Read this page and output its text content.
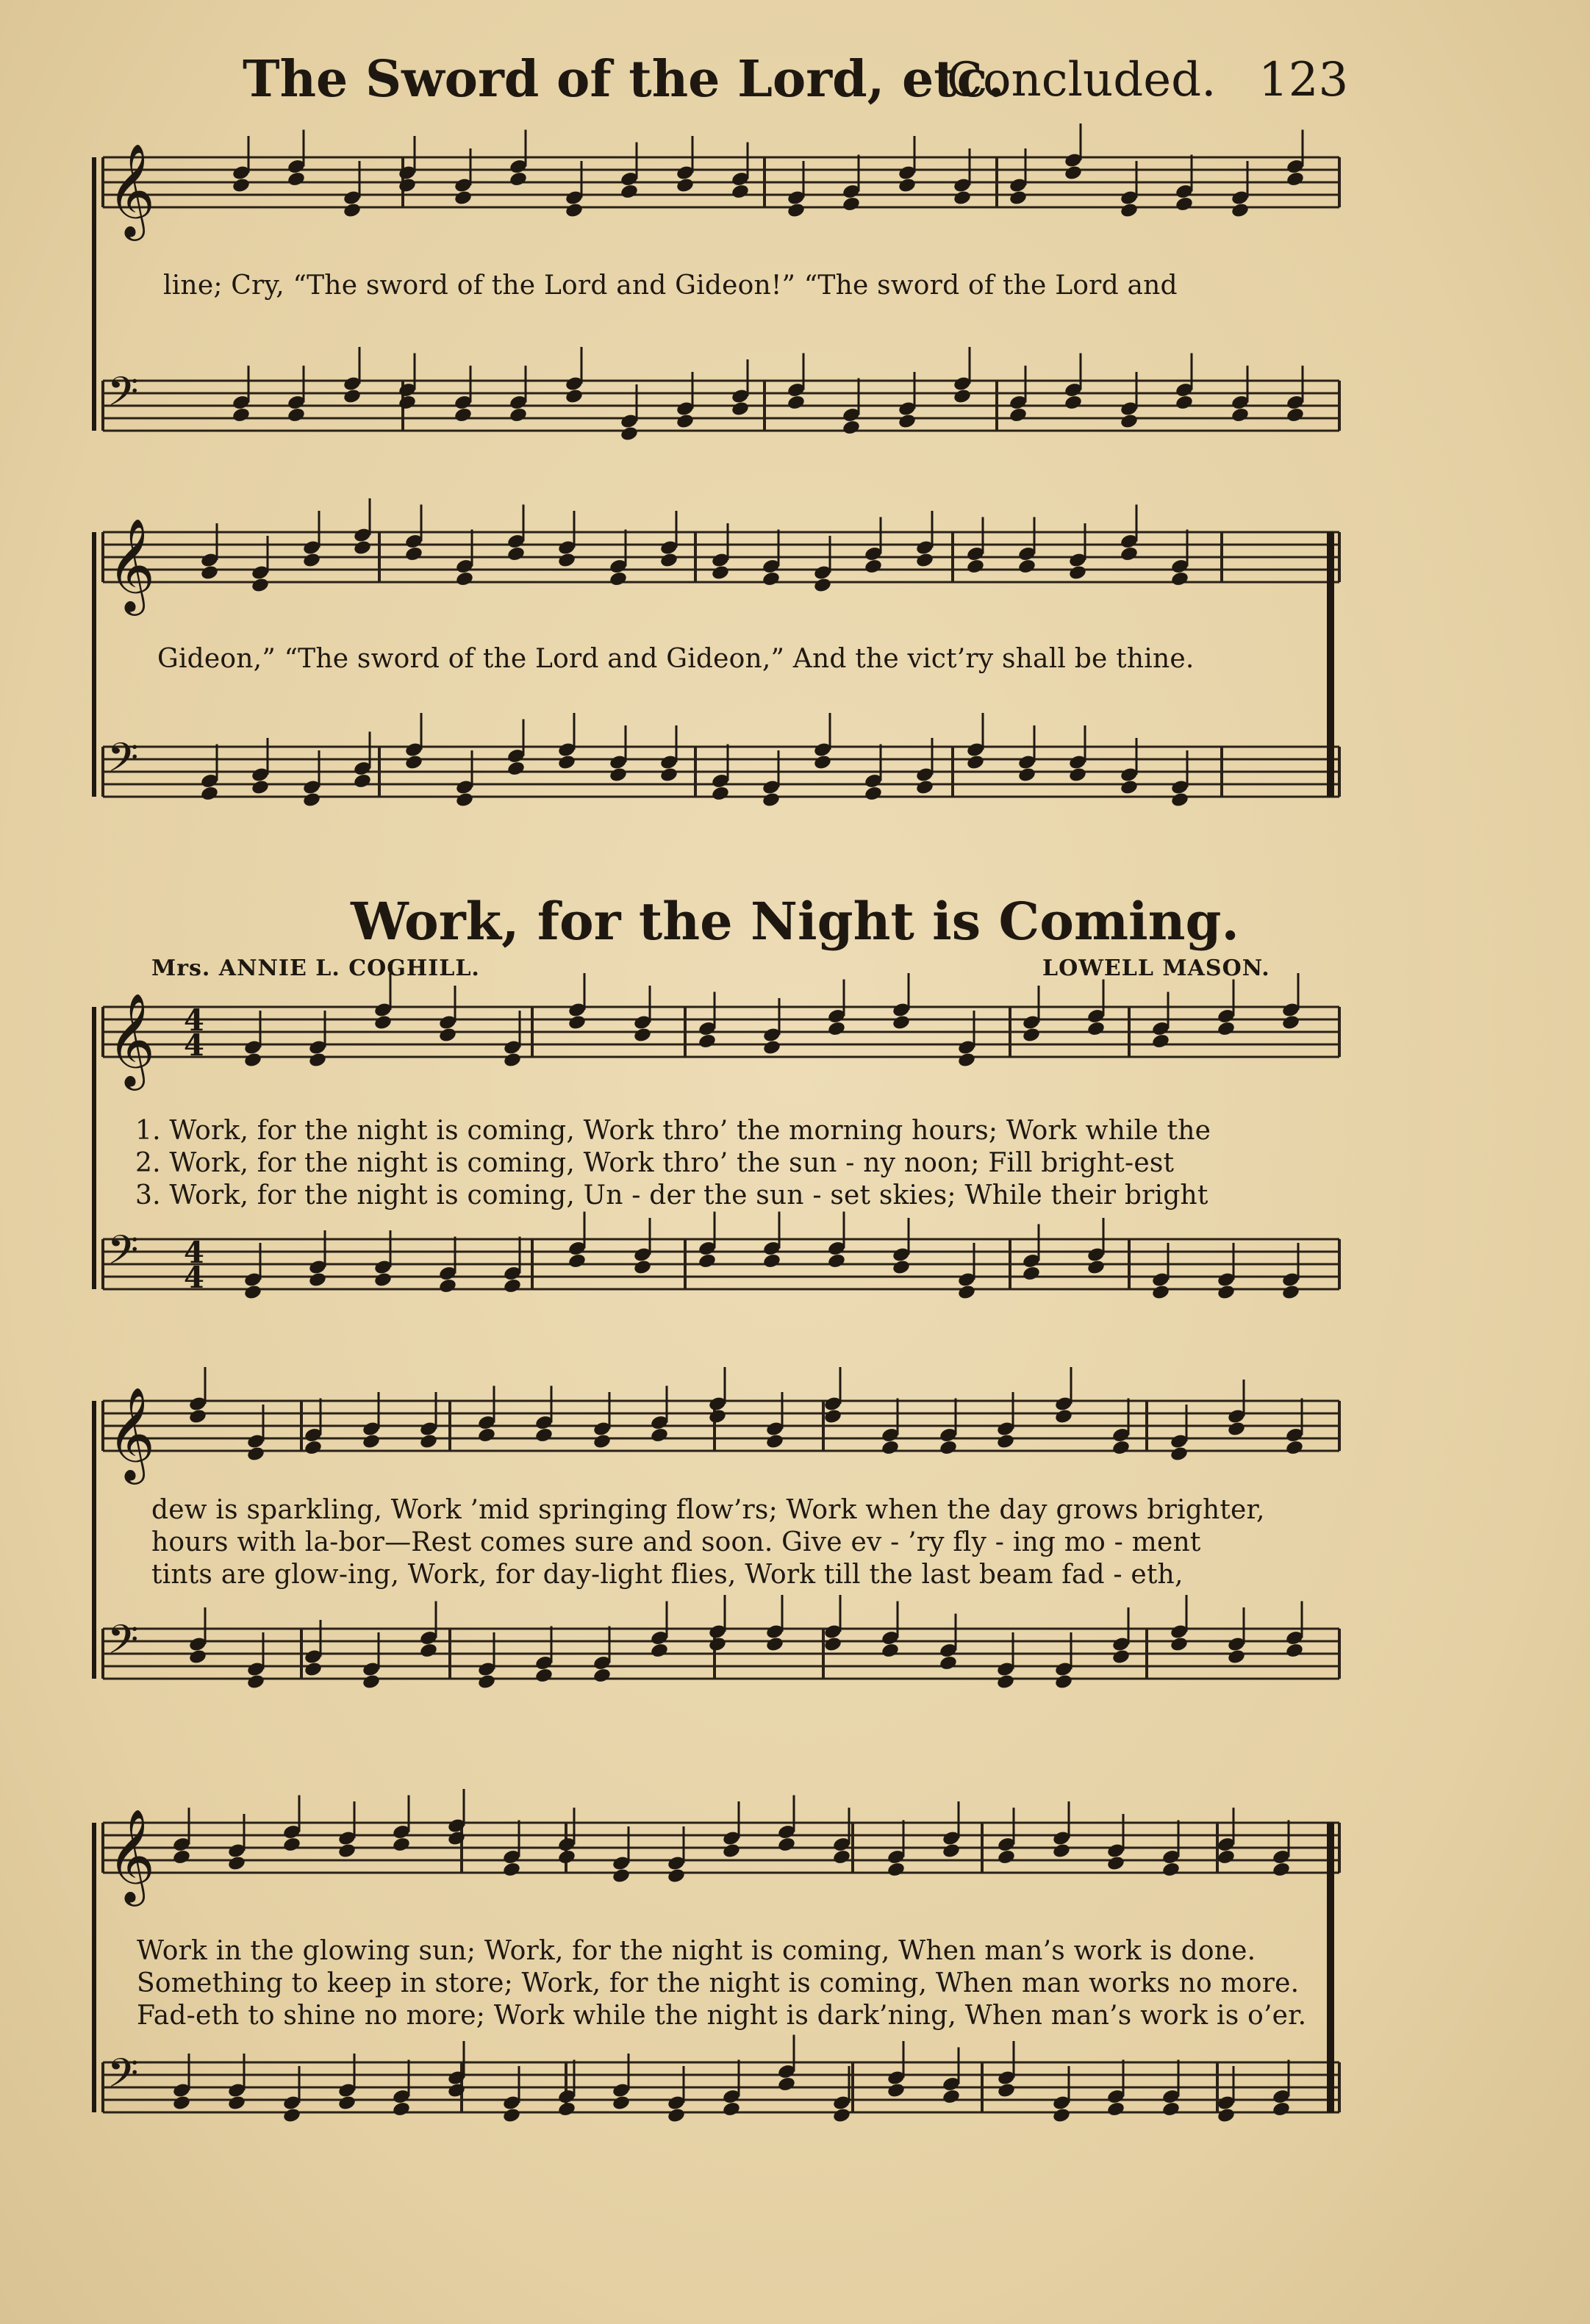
The Sword of the Lord, etc.
Concluded. 123
𝄞
𝄢
𝄞
𝄢
𝄞
𝄢
𝄞
𝄢
𝄞
𝄢
4
4
4
4
line; Cry, “The sword of the Lord and Gideon!” “The sword of the Lord and
Gideon,” “The sword of the Lord and Gideon,” And the vict’ry shall be thine.
Work, for the Night is Coming.
Mrs. ANNIE L. COGHILL.	LOWELL MASON.
1. Work, for the night is coming, Work thro’ the morning hours; Work while the
2. Work, for the night is coming, Work thro’ the sun - ny noon; Fill bright-est
3. Work, for the night is coming, Un - der the sun - set skies; While their bright
dew is sparkling, Work ’mid springing flow’rs; Work when the day grows brighter,
hours with la-bor—Rest comes sure and soon. Give ev - ’ry fly - ing mo - ment
tints are glow-ing, Work, for day-light flies, Work till the last beam fad - eth,
Work in the glowing sun; Work, for the night is coming, When man’s work is done.
Something to keep in store; Work, for the night is coming, When man works no more.
Fad-eth to shine no more; Work while the night is dark’ning, When man’s work is o’er.
